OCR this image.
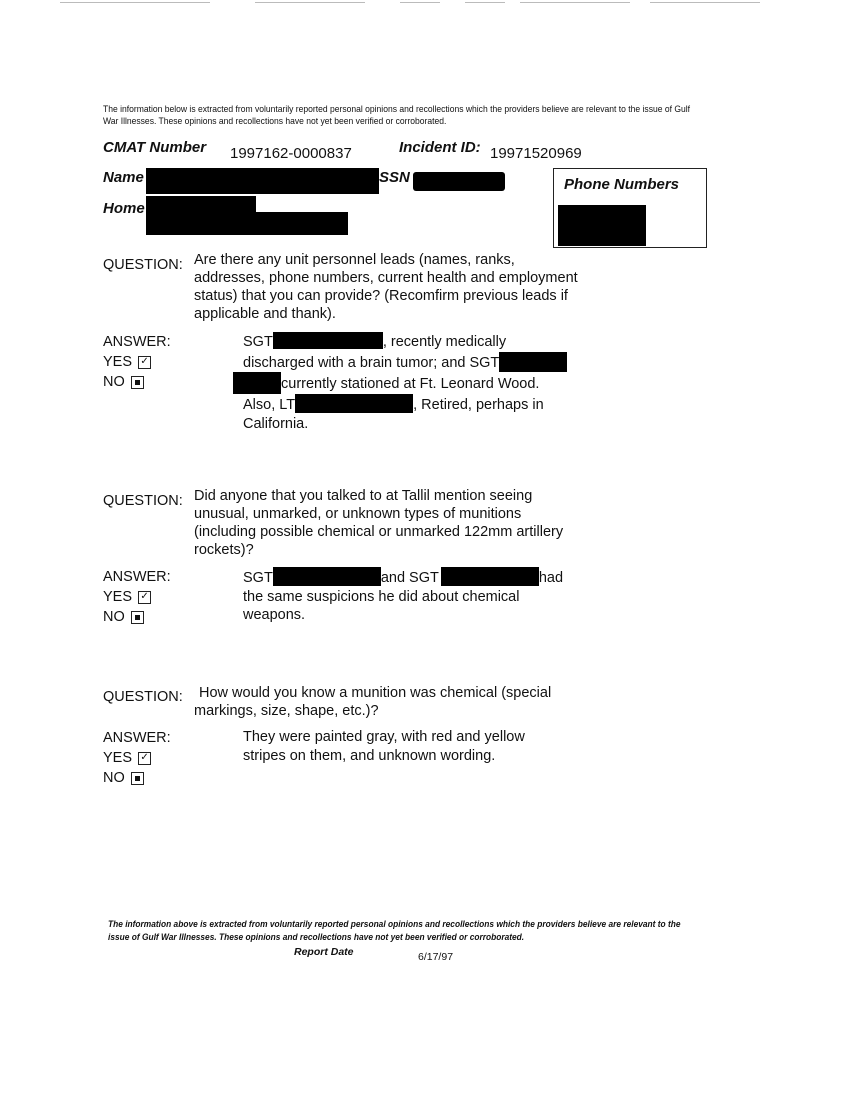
The information below is extracted from voluntarily reported personal opinions and recollections which the providers believe are relevant to the issue of Gulf War Illnesses. These opinions and recollections have not yet been verified or corroborated.
CMAT Number 1997162-0000837	Incident ID: 19971520969
Name	SSN
Home
Phone Numbers
QUESTION: Are there any unit personnel leads (names, ranks,
addresses, phone numbers, current health and employment
status) that you can provide? (Recomfirm previous leads if
applicable and thank).
ANSWER:
YES ✓
NO
SGT	, recently medically
discharged with a brain tumor; and SGT
currently stationed at Ft. Leonard Wood.
Also, LT	, Retired, perhaps in
California.
QUESTION: Did anyone that you talked to at Tallil mention seeing
unusual, unmarked, or unknown types of munitions
(including possible chemical or unmarked 122mm artillery
rockets)?
ANSWER:
YES ✓
NO
SGT	and SGT	had
the same suspicions he did about chemical
weapons.
QUESTION: How would you know a munition was chemical (special
markings, size, shape, etc.)?
ANSWER:
YES ✓
NO
They were painted gray, with red and yellow
stripes on them, and unknown wording.
The information above is extracted from voluntarily reported personal opinions and recollections which the providers believe are relevant to the issue of Gulf War Illnesses. These opinions and recollections have not yet been verified or corroborated.
Report Date	6/17/97
